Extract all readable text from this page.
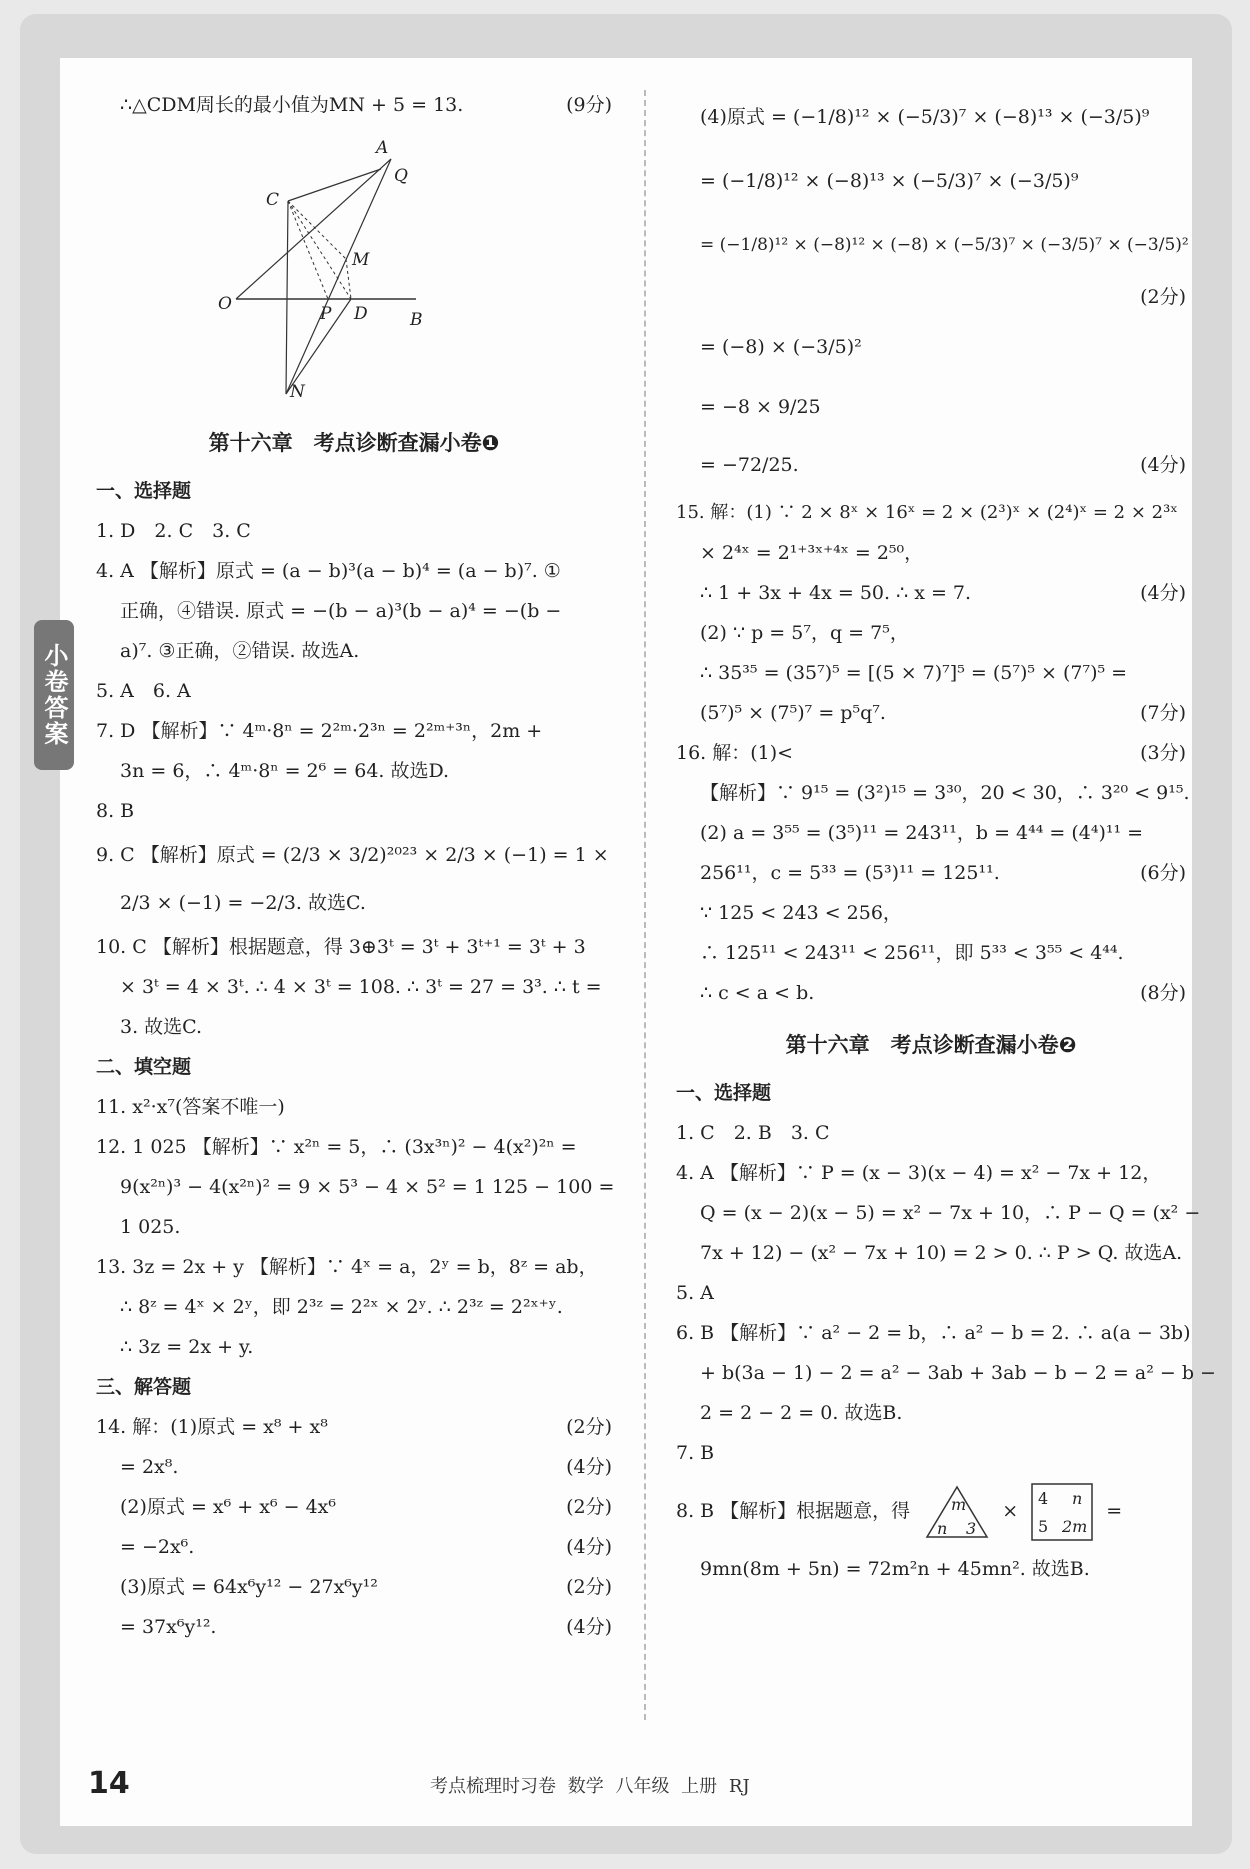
小卷答案
∴△CDM周长的最小值为MN + 5 = 13.	(9分)
A
Q
C
M
O	P D B
N
第十六章　考点诊断查漏小卷❶
一、选择题
1. D　2. C　3. C
4. A 【解析】原式 = (a − b)³(a − b)⁴ = (a − b)⁷. ①
正确，④错误. 原式 = −(b − a)³(b − a)⁴ = −(b −
a)⁷. ③正确，②错误. 故选A.
5. A　6. A
7. D 【解析】∵ 4ᵐ·8ⁿ = 2²ᵐ·2³ⁿ = 2²ᵐ⁺³ⁿ，2m +
3n = 6，∴ 4ᵐ·8ⁿ = 2⁶ = 64. 故选D.
8. B
9. C 【解析】原式 = (2/3 × 3/2)²⁰²³ × 2/3 × (−1) = 1 ×
2/3 × (−1) = −2/3. 故选C.
10. C 【解析】根据题意，得 3⊕3ᵗ = 3ᵗ + 3ᵗ⁺¹ = 3ᵗ + 3
× 3ᵗ = 4 × 3ᵗ. ∴ 4 × 3ᵗ = 108. ∴ 3ᵗ = 27 = 3³. ∴ t =
3. 故选C.
二、填空题
11. x²·x⁷(答案不唯一)
12. 1 025 【解析】∵ x²ⁿ = 5，∴ (3x³ⁿ)² − 4(x²)²ⁿ =
9(x²ⁿ)³ − 4(x²ⁿ)² = 9 × 5³ − 4 × 5² = 1 125 − 100 =
1 025.
13. 3z = 2x + y 【解析】∵ 4ˣ = a，2ʸ = b，8ᶻ = ab，
∴ 8ᶻ = 4ˣ × 2ʸ，即 2³ᶻ = 2²ˣ × 2ʸ. ∴ 2³ᶻ = 2²ˣ⁺ʸ.
∴ 3z = 2x + y.
三、解答题
14. 解：(1)原式 = x⁸ + x⁸	(2分)
= 2x⁸.	(4分)
(2)原式 = x⁶ + x⁶ − 4x⁶	(2分)
= −2x⁶.	(4分)
(3)原式 = 64x⁶y¹² − 27x⁶y¹²	(2分)
= 37x⁶y¹².	(4分)
(4)原式 = (−1/8)¹² × (−5/3)⁷ × (−8)¹³ × (−3/5)⁹
= (−1/8)¹² × (−8)¹³ × (−5/3)⁷ × (−3/5)⁹
= (−1/8)¹² × (−8)¹² × (−8) × (−5/3)⁷ × (−3/5)⁷ × (−3/5)²
(2分)

= (−8) × (−3/5)²
= −8 × 9/25
= −72/25.	(4分)
15. 解：(1) ∵ 2 × 8ˣ × 16ˣ = 2 × (2³)ˣ × (2⁴)ˣ = 2 × 2³ˣ
× 2⁴ˣ = 2¹⁺³ˣ⁺⁴ˣ = 2⁵⁰，
∴ 1 + 3x + 4x = 50. ∴ x = 7.	(4分)
(2) ∵ p = 5⁷，q = 7⁵，
∴ 35³⁵ = (35⁷)⁵ = [(5 × 7)⁷]⁵ = (5⁷)⁵ × (7⁷)⁵ =
(5⁷)⁵ × (7⁵)⁷ = p⁵q⁷.	(7分)
16. 解：(1)<	(3分)
【解析】∵ 9¹⁵ = (3²)¹⁵ = 3³⁰，20 < 30，∴ 3²⁰ < 9¹⁵.
(2) a = 3⁵⁵ = (3⁵)¹¹ = 243¹¹，b = 4⁴⁴ = (4⁴)¹¹ =
256¹¹，c = 5³³ = (5³)¹¹ = 125¹¹.	(6分)
∵ 125 < 243 < 256，
∴ 125¹¹ < 243¹¹ < 256¹¹，即 5³³ < 3⁵⁵ < 4⁴⁴.
∴ c < a < b.	(8分)
第十六章　考点诊断查漏小卷❷
一、选择题
1. C　2. B　3. C
4. A 【解析】∵ P = (x − 3)(x − 4) = x² − 7x + 12，
Q = (x − 2)(x − 5) = x² − 7x + 10，∴ P − Q = (x² −
7x + 12) − (x² − 7x + 10) = 2 > 0. ∴ P > Q. 故选A.
5. A
6. B 【解析】∵ a² − 2 = b，∴ a² − b = 2. ∴ a(a − 3b)
+ b(3a − 1) − 2 = a² − 3ab + 3ab − b − 2 = a² − b −
2 = 2 − 2 = 0. 故选B.
7. B
8. B 【解析】根据题意，得	m
n 3
×
4 n
5 2m
=
9mn(8m + 5n) = 72m²n + 45mn². 故选B.
14	考点梳理时习卷 数学 八年级 上册 RJ
